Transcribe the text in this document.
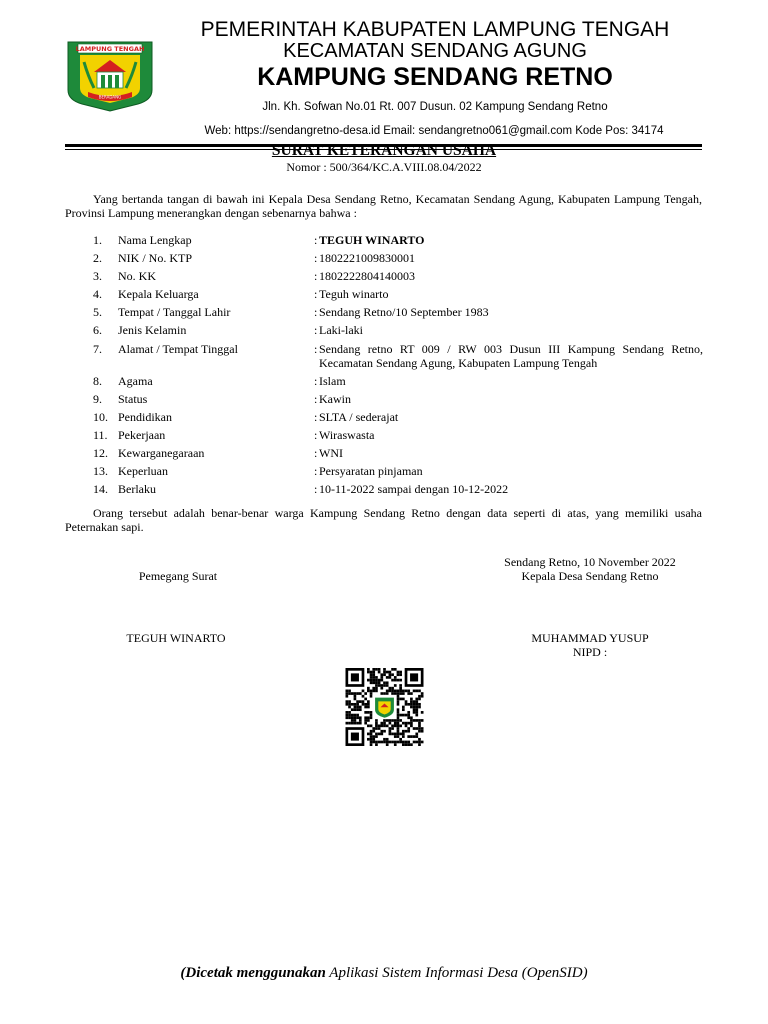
LAMPUNG TENGAH
BERADANG
PEMERINTAH KABUPATEN LAMPUNG TENGAH
KECAMATAN SENDANG AGUNG
KAMPUNG SENDANG RETNO
Jln. Kh. Sofwan No.01 Rt. 007 Dusun. 02 Kampung Sendang Retno
Web: https://sendangretno-desa.id Email: sendangretno061@gmail.com Kode Pos: 34174
SURAT KETERANGAN USAHA
Nomor : 500/364/KC.A.VIII.08.04/2022
Yang bertanda tangan di bawah ini Kepala Desa Sendang Retno, Kecamatan Sendang Agung, Kabupaten Lampung Tengah, Provinsi Lampung menerangkan dengan sebenarnya bahwa :
1.	Nama Lengkap	: TEGUH WINARTO
2.	NIK / No. KTP	: 1802221009830001
3.	No. KK	: 1802222804140003
4.	Kepala Keluarga	: Teguh winarto
5.	Tempat / Tanggal Lahir	: Sendang Retno/10 September 1983
6.	Jenis Kelamin	: Laki-laki
7.	Alamat / Tempat Tinggal	: Sendang retno RT 009 / RW 003 Dusun III Kampung Sendang Retno, Kecamatan Sendang Agung, Kabupaten Lampung Tengah
8.	Agama	: Islam
9.	Status	: Kawin
10. Pendidikan	: SLTA / sederajat
11. Pekerjaan	: Wiraswasta
12. Kewarganegaraan	: WNI
13. Keperluan	: Persyaratan pinjaman
14. Berlaku	: 10-11-2022 sampai dengan 10-12-2022
Orang tersebut adalah benar-benar warga Kampung Sendang Retno dengan data seperti di atas, yang memiliki usaha Peternakan sapi.
Sendang Retno, 10 November 2022
Pemegang Surat	Kepala Desa Sendang Retno
TEGUH WINARTO	MUHAMMAD YUSUP
NIPD :
(Dicetak menggunakan Aplikasi Sistem Informasi Desa (OpenSID)
